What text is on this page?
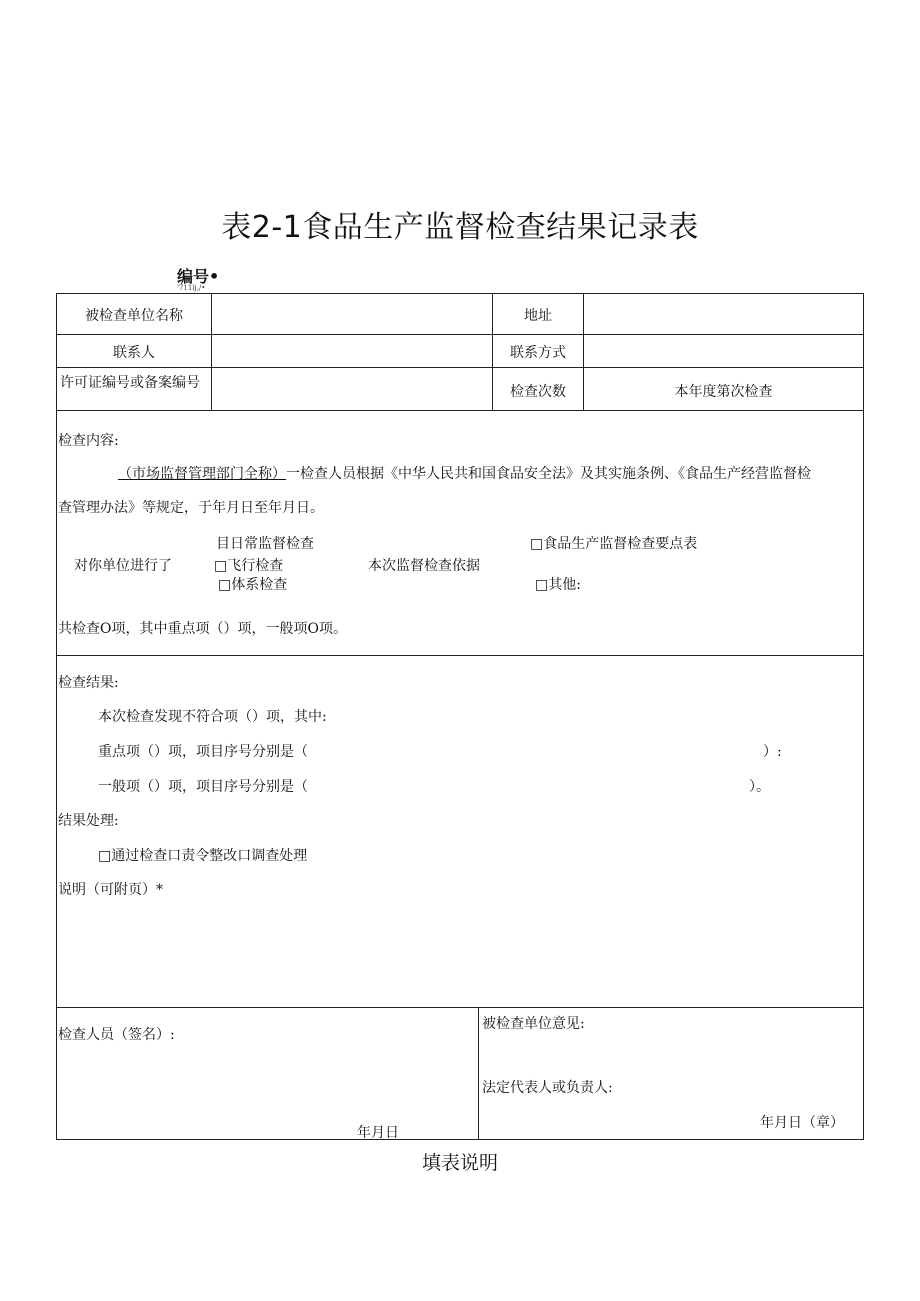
表2-1食品生产监督检查结果记录表
编号•
'711lj,/•
被检查单位名称	地址
联系人	联系方式
许可证编号或备案编号
检查次数	本年度第次检查
检查内容:
（市场监督管理部门全称）一检查人员根据《中华人民共和国食品安全法》及其实施条例、《食品生产经营监督检
查管理办法》等规定，于年月日至年月日。
目日常监督检查	□食品生产监督检查要点表
对你单位进行了	□飞行检查	本次监督检查依据
□体系检查	□其他:
共检查O项，其中重点项（）项，一般项O项。
检查结果:
本次检查发现不符合项（）项，其中:
重点项（）项，项目序号分别是（	）:
一般项（）项，项目序号分别是（	）。
结果处理:
□通过检查口责令整改口调查处理
说明（可附页）*
检查人员（签名）:
年月日
被检查单位意见:
法定代表人或负责人:
年月日（章）
填表说明
